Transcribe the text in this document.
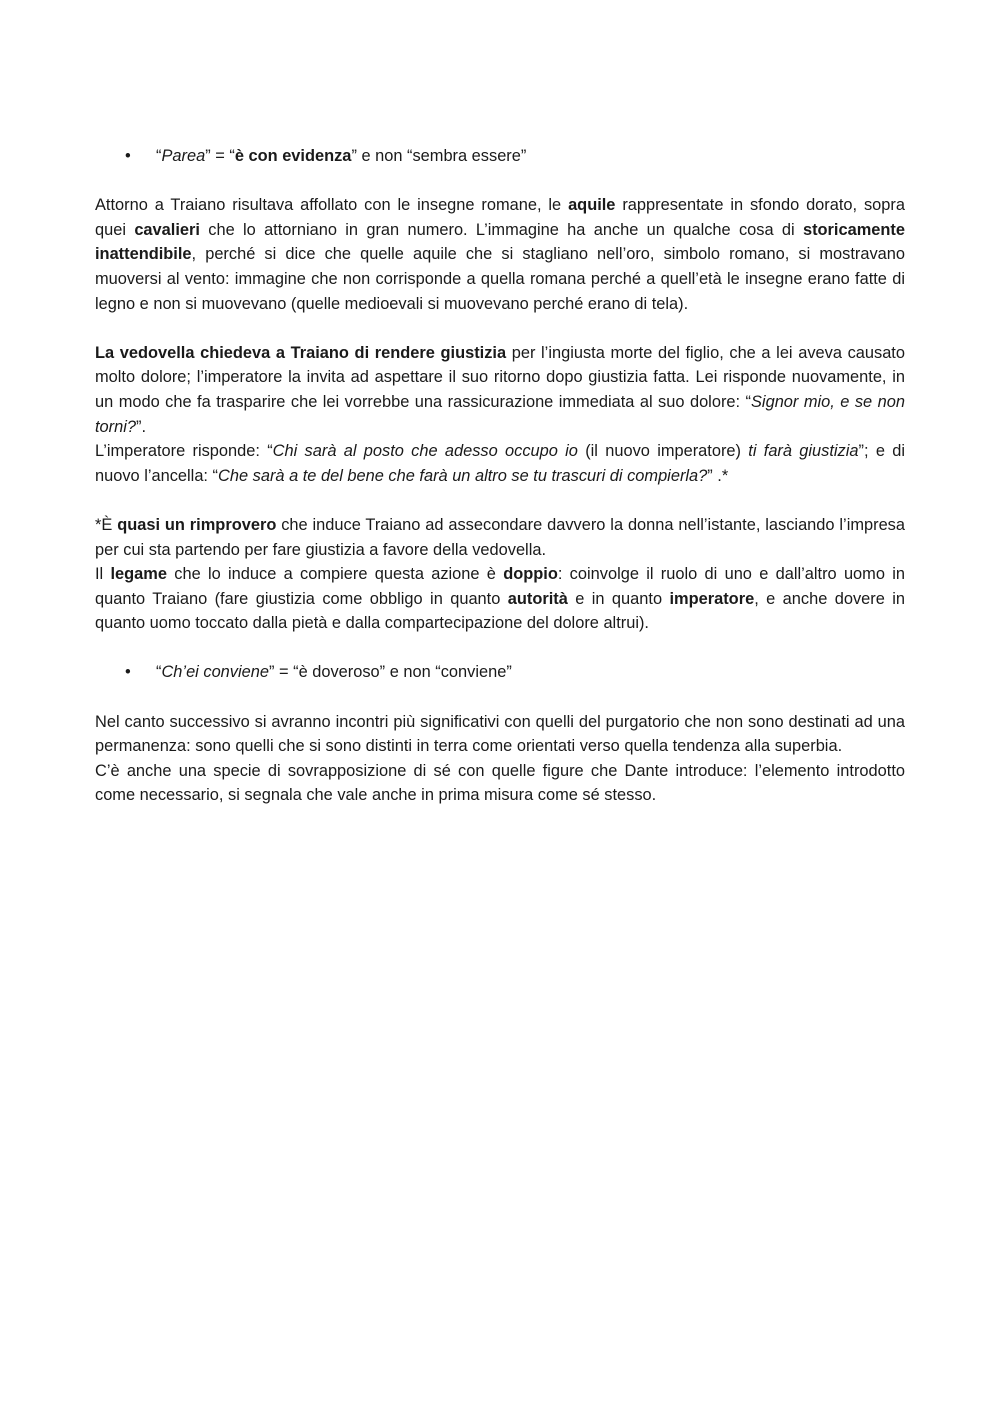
• “Parea” = “è con evidenza” e non “sembra essere”

Attorno a Traiano risultava affollato con le insegne romane, le aquile rappresentate in sfondo dorato, sopra quei cavalieri che lo attorniano in gran numero. L’immagine ha anche un qualche cosa di storicamente inattendibile, perché si dice che quelle aquile che si stagliano nell’oro, simbolo romano, si mostravano muoversi al vento: immagine che non corrisponde a quella romana perché a quell’età le insegne erano fatte di legno e non si muovevano (quelle medioevali si muovevano perché erano di tela).

La vedovella chiedeva a Traiano di rendere giustizia per l’ingiusta morte del figlio, che a lei aveva causato molto dolore; l’imperatore la invita ad aspettare il suo ritorno dopo giustizia fatta. Lei risponde nuovamente, in un modo che fa trasparire che lei vorrebbe una rassicurazione immediata al suo dolore: “Signor mio, e se non torni?”.

L’imperatore risponde: “Chi sarà al posto che adesso occupo io (il nuovo imperatore) ti farà giustizia”; e di nuovo l’ancella: “Che sarà a te del bene che farà un altro se tu trascuri di compierla?” .*

*È quasi un rimprovero che induce Traiano ad assecondare davvero la donna nell’istante, lasciando l’impresa per cui sta partendo per fare giustizia a favore della vedovella.

Il legame che lo induce a compiere questa azione è doppio: coinvolge il ruolo di uno e dall’altro uomo in quanto Traiano (fare giustizia come obbligo in quanto autorità e in quanto imperatore, e anche dovere in quanto uomo toccato dalla pietà e dalla compartecipazione del dolore altrui).

• “Ch’ei conviene” = “è doveroso” e non “conviene”

Nel canto successivo si avranno incontri più significativi con quelli del purgatorio che non sono destinati ad una permanenza: sono quelli che si sono distinti in terra come orientati verso quella tendenza alla superbia.

C’è anche una specie di sovrapposizione di sé con quelle figure che Dante introduce: l’elemento introdotto come necessario, si segnala che vale anche in prima misura come sé stesso.
